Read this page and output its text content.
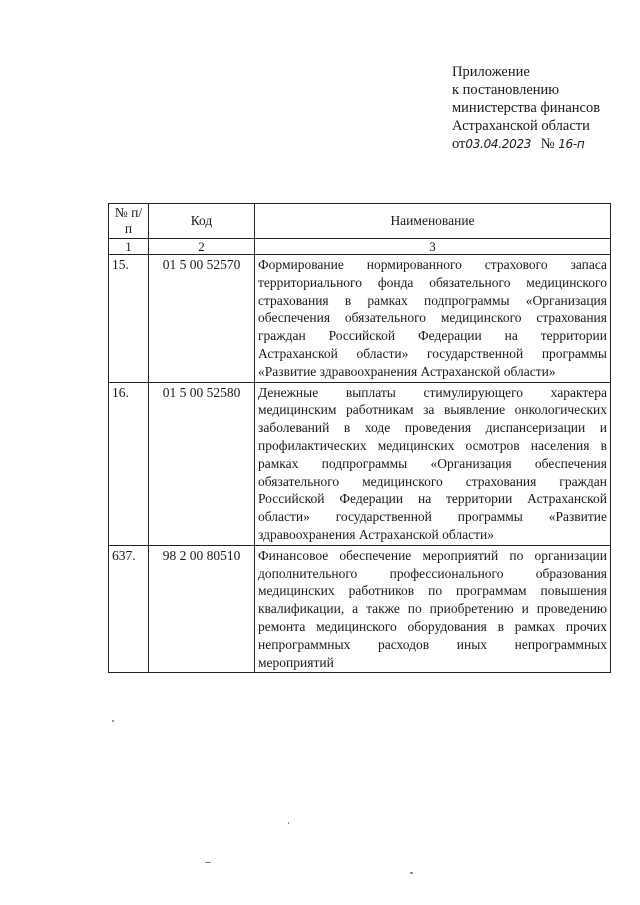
Приложение
к постановлению
министерства финансов
Астраханской области
от03.04.2023 № 16-п
№ п/п	Код	Наименование
1	2	3
15.	01 5 00 52570	Формирование нормированного страхового запаса территориального фонда обязательного медицинского страхования в рамках подпрограммы «Организация обеспечения обязательного медицинского страхования граждан Российской Федерации на территории Астраханской области» государственной программы «Развитие здравоохранения Астраханской области»
16.	01 5 00 52580	Денежные выплаты стимулирующего характера медицинским работникам за выявление онкологических заболеваний в ходе проведения диспансеризации и профилактических медицинских осмотров населения в рамках подпрограммы «Организация обеспечения обязательного медицинского страхования граждан Российской Федерации на территории Астраханской области» государственной программы «Развитие здравоохранения Астраханской области»
637.	98 2 00 80510	Финансовое обеспечение мероприятий по организации дополнительного профессионального образования медицинских работников по программам повышения квалификации, а также по приобретению и проведению ремонта медицинского оборудования в рамках прочих непрограммных расходов иных непрограммных мероприятий
